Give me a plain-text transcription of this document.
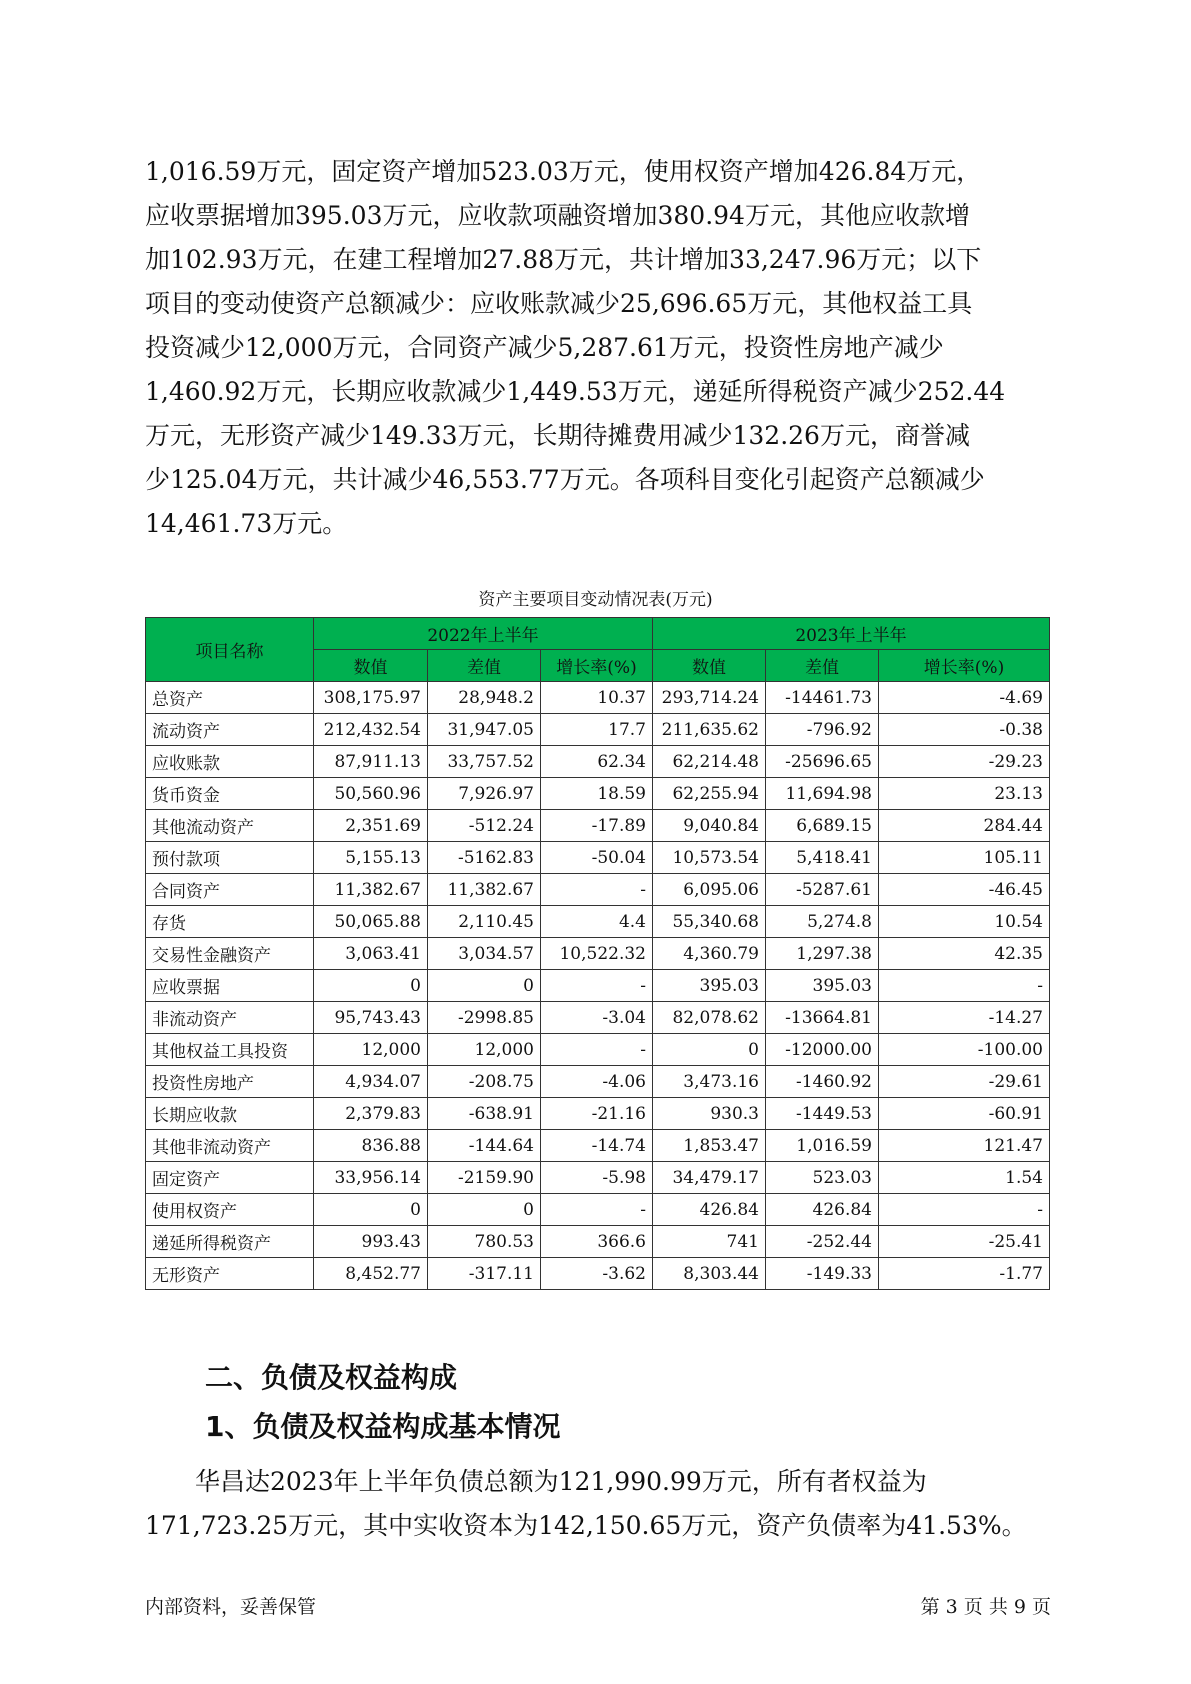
1,016.59万元，固定资产增加523.03万元，使用权资产增加426.84万元，
应收票据增加395.03万元，应收款项融资增加380.94万元，其他应收款增
加102.93万元，在建工程增加27.88万元，共计增加33,247.96万元；以下
项目的变动使资产总额减少：应收账款减少25,696.65万元，其他权益工具
投资减少12,000万元，合同资产减少5,287.61万元，投资性房地产减少
1,460.92万元，长期应收款减少1,449.53万元，递延所得税资产减少252.44
万元，无形资产减少149.33万元，长期待摊费用减少132.26万元，商誉减
少125.04万元，共计减少46,553.77万元。各项科目变化引起资产总额减少
14,461.73万元。
资产主要项目变动情况表(万元)
项目名称	2022年上半年			2023年上半年		
	数值	差值	增长率(%)	数值	差值	增长率(%)
总资产	308,175.97	28,948.2	10.37	293,714.24	-14461.73	-4.69
流动资产	212,432.54	31,947.05	17.7	211,635.62	-796.92	-0.38
应收账款	87,911.13	33,757.52	62.34	62,214.48	-25696.65	-29.23
货币资金	50,560.96	7,926.97	18.59	62,255.94	11,694.98	23.13
其他流动资产	2,351.69	-512.24	-17.89	9,040.84	6,689.15	284.44
预付款项	5,155.13	-5162.83	-50.04	10,573.54	5,418.41	105.11
合同资产	11,382.67	11,382.67	-	6,095.06	-5287.61	-46.45
存货	50,065.88	2,110.45	4.4	55,340.68	5,274.8	10.54
交易性金融资产	3,063.41	3,034.57	10,522.32	4,360.79	1,297.38	42.35
应收票据	0	0	-	395.03	395.03	-
非流动资产	95,743.43	-2998.85	-3.04	82,078.62	-13664.81	-14.27
其他权益工具投资	12,000	12,000	-	0	-12000.00	-100.00
投资性房地产	4,934.07	-208.75	-4.06	3,473.16	-1460.92	-29.61
长期应收款	2,379.83	-638.91	-21.16	930.3	-1449.53	-60.91
其他非流动资产	836.88	-144.64	-14.74	1,853.47	1,016.59	121.47
固定资产	33,956.14	-2159.90	-5.98	34,479.17	523.03	1.54
使用权资产	0	0	-	426.84	426.84	-
递延所得税资产	993.43	780.53	366.6	741	-252.44	-25.41
无形资产	8,452.77	-317.11	-3.62	8,303.44	-149.33	-1.77
二、负债及权益构成
1、负债及权益构成基本情况
华昌达2023年上半年负债总额为121,990.99万元，所有者权益为
171,723.25万元，其中实收资本为142,150.65万元，资产负债率为41.53%。
内部资料，妥善保管	第 3 页 共 9 页
